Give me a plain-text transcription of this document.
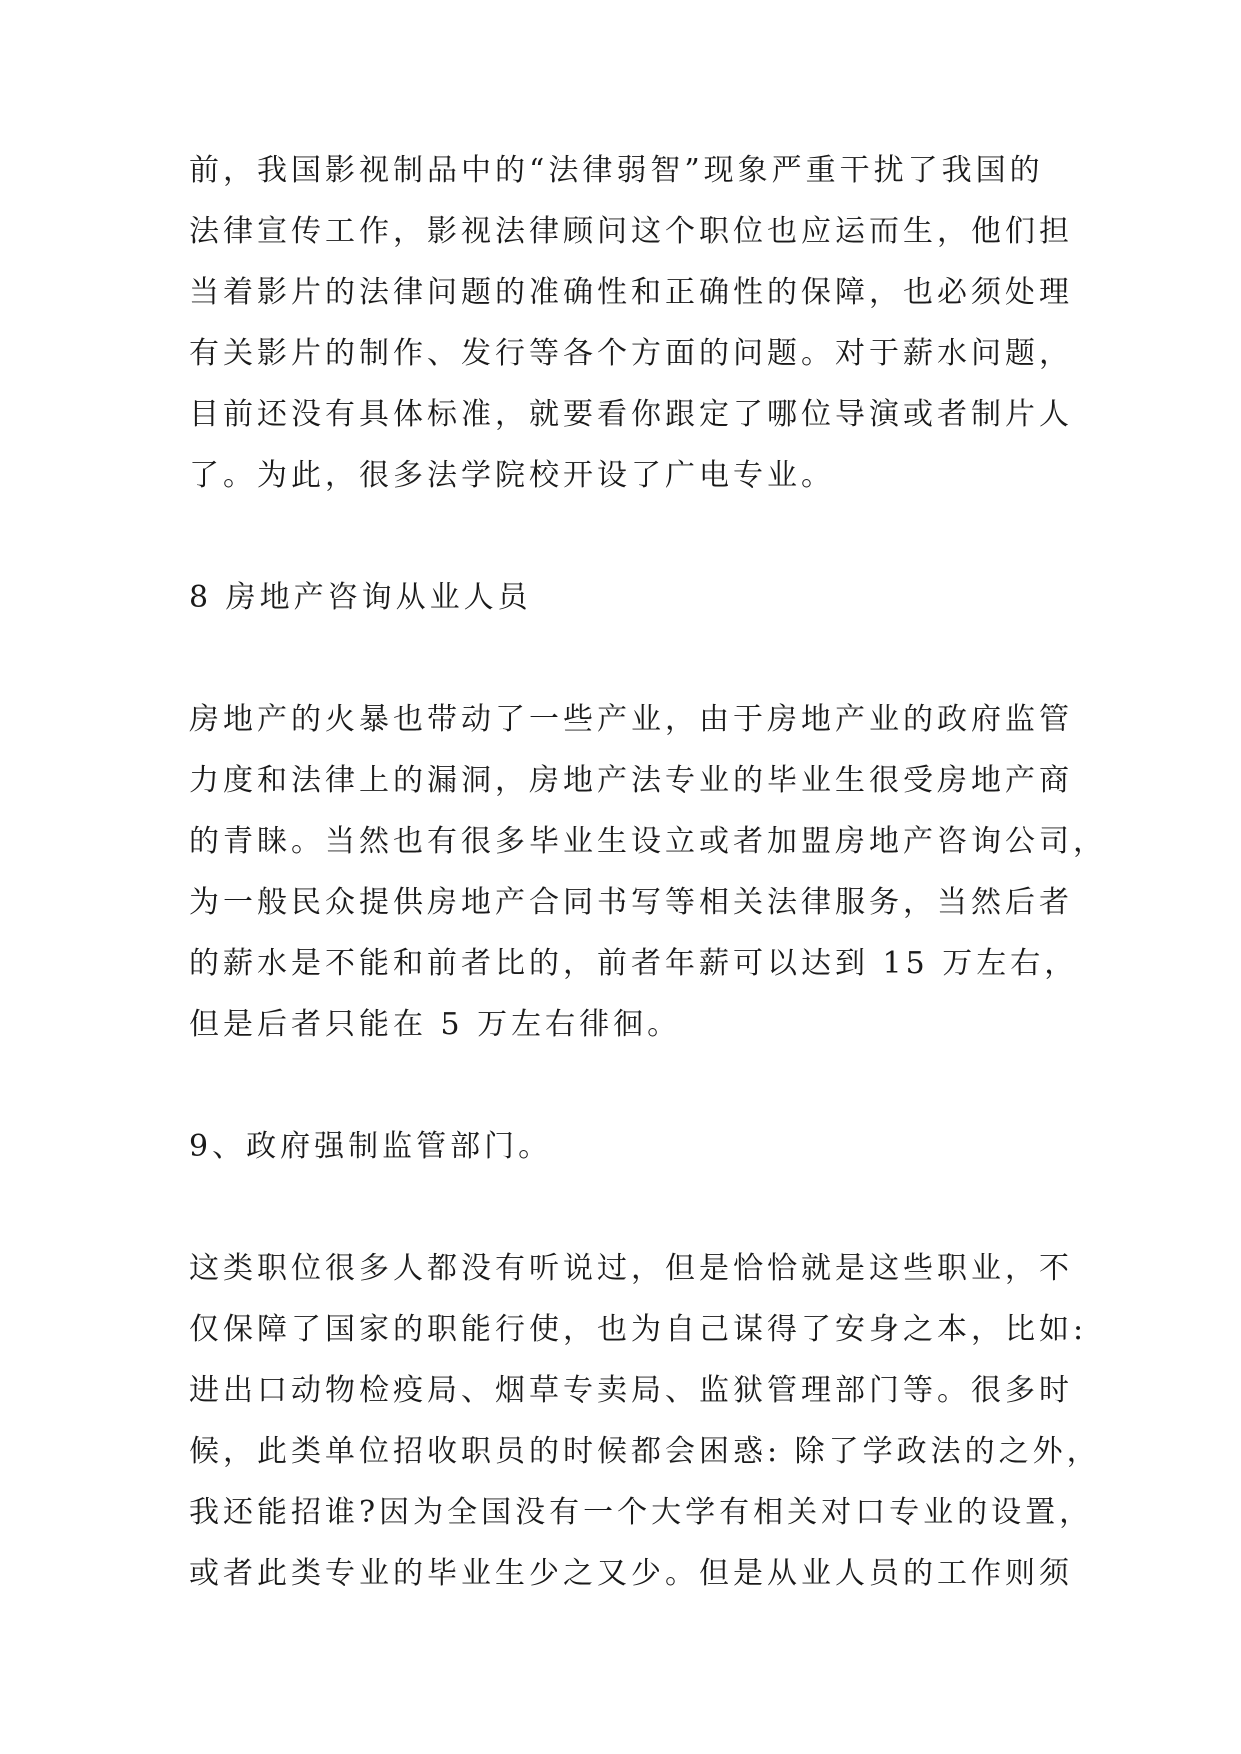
前，我国影视制品中的“法律弱智”现象严重干扰了我国的
法律宣传工作，影视法律顾问这个职位也应运而生，他们担
当着影片的法律问题的准确性和正确性的保障，也必须处理
有关影片的制作、发行等各个方面的问题。对于薪水问题，
目前还没有具体标准，就要看你跟定了哪位导演或者制片人
了。为此，很多法学院校开设了广电专业。
8 房地产咨询从业人员
房地产的火暴也带动了一些产业，由于房地产业的政府监管
力度和法律上的漏洞，房地产法专业的毕业生很受房地产商
的青睐。当然也有很多毕业生设立或者加盟房地产咨询公司，
为一般民众提供房地产合同书写等相关法律服务，当然后者
的薪水是不能和前者比的，前者年薪可以达到 15 万左右，
但是后者只能在 5 万左右徘徊。
9、政府强制监管部门。
这类职位很多人都没有听说过，但是恰恰就是这些职业，不
仅保障了国家的职能行使，也为自己谋得了安身之本，比如:
进出口动物检疫局、烟草专卖局、监狱管理部门等。很多时
候，此类单位招收职员的时候都会困惑: 除了学政法的之外，
我还能招谁?因为全国没有一个大学有相关对口专业的设置，
或者此类专业的毕业生少之又少。但是从业人员的工作则须
